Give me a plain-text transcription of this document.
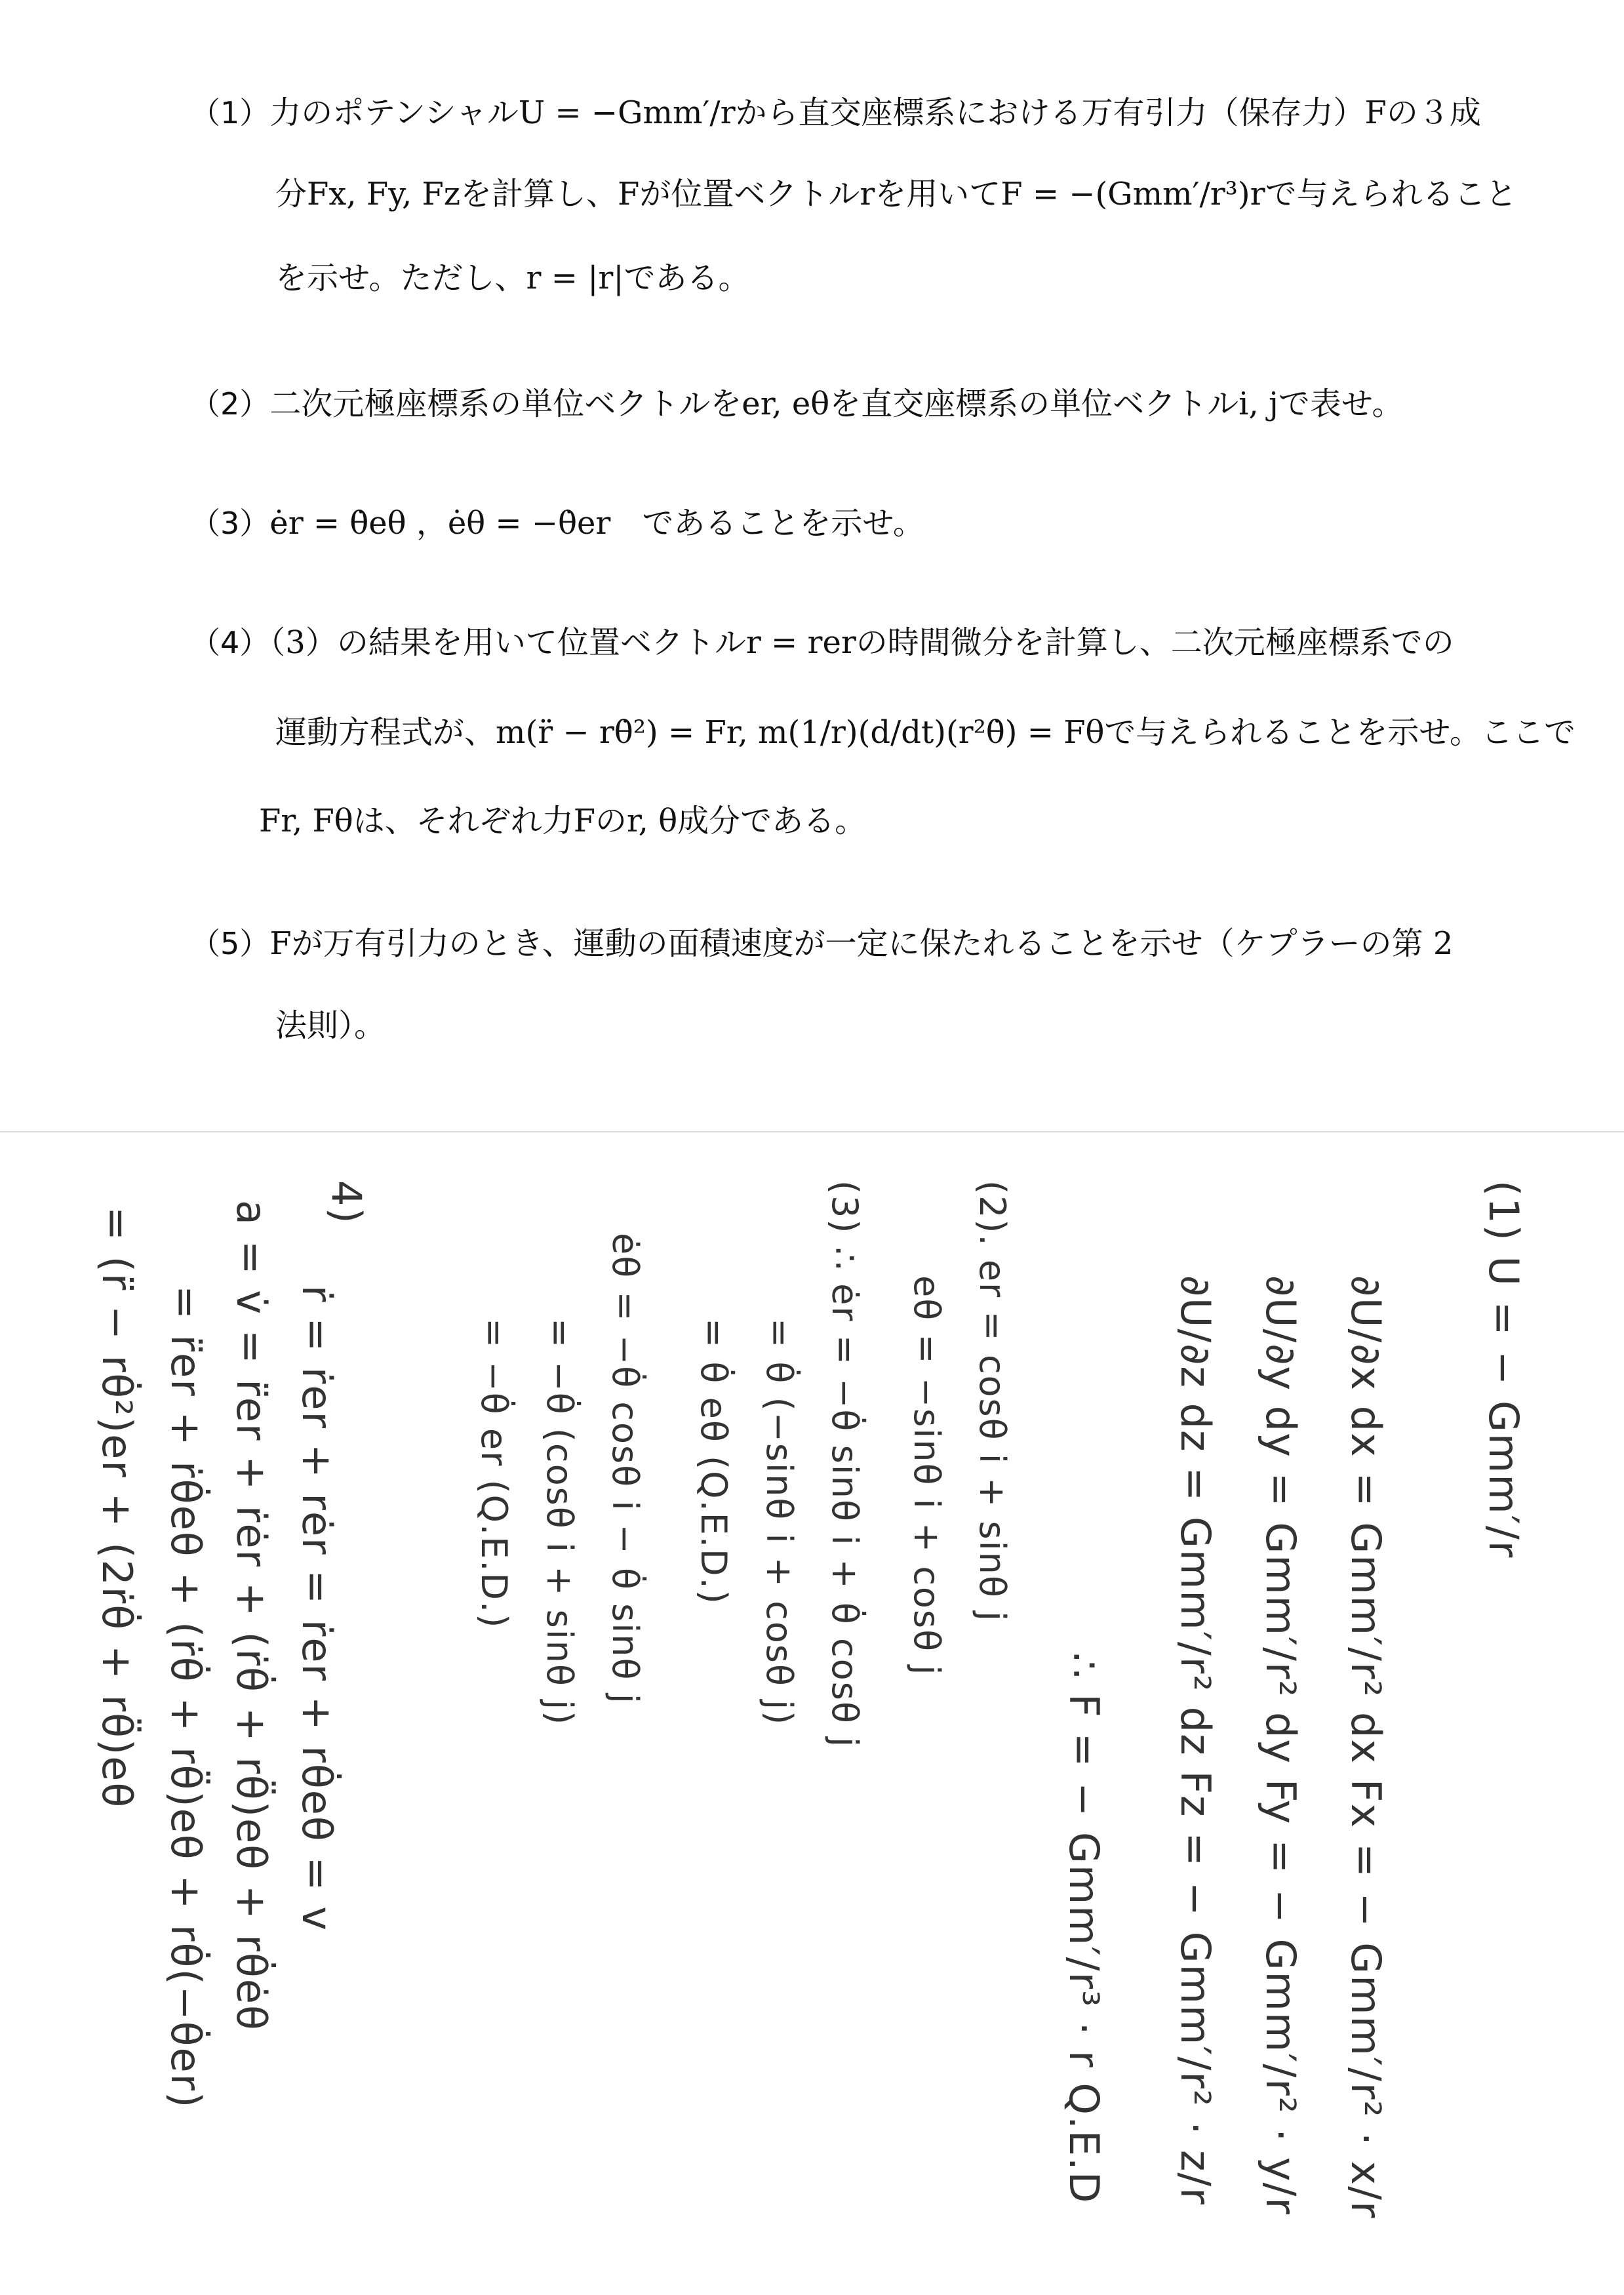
（1）力のポテンシャルU = −Gmm′/rから直交座標系における万有引力（保存力）Fの３成
分Fx, Fy, Fzを計算し、Fが位置ベクトルrを用いてF = −(Gmm′/r³)rで与えられること
を示せ。ただし、r = |r|である。
（2）二次元極座標系の単位ベクトルをer, eθを直交座標系の単位ベクトルi, jで表せ。
（3）ėr = θ̇eθ ，ėθ = −θ̇er　であることを示せ。
（4）（3）の結果を用いて位置ベクトルr = rerの時間微分を計算し、二次元極座標系での
運動方程式が、m(r̈ − rθ̇²) = Fr, m(1/r)(d/dt)(r²θ̇) = Fθで与えられることを示せ。ここで
Fr, Fθは、それぞれ力Fのr, θ成分である。
（5）Fが万有引力のとき、運動の面積速度が一定に保たれることを示せ（ケプラーの第 2
法則）。
(1) U = − Gmm′/r
∂U/∂x dx = Gmm′/r² dx Fx = − Gmm′/r² · x/r
∂U/∂y dy = Gmm′/r² dy Fy = − Gmm′/r² · y/r
∂U/∂z dz = Gmm′/r² dz Fz = − Gmm′/r² · z/r
∴ F = − Gmm′/r³ · r Q.E.D
(2). er = cosθ i + sinθ j
eθ = −sinθ i + cosθ j
(3) ∴ ėr = −θ̇ sinθ i + θ̇ cosθ j
= θ̇ (−sinθ i + cosθ j)
= θ̇ eθ (Q.E.D.)
ėθ = −θ̇ cosθ i − θ̇ sinθ j
= −θ̇ (cosθ i + sinθ j)
= −θ̇ er (Q.E.D.)
4)
ṙ = ṙer + rėr = ṙer + rθ̇eθ = v
a = v̇ = r̈er + ṙėr + (ṙθ̇ + rθ̈)eθ + rθ̇ėθ
= r̈er + ṙθ̇eθ + (ṙθ̇ + rθ̈)eθ + rθ̇(−θ̇er)
= (r̈ − rθ̇²)er + (2ṙθ̇ + rθ̈)eθ
